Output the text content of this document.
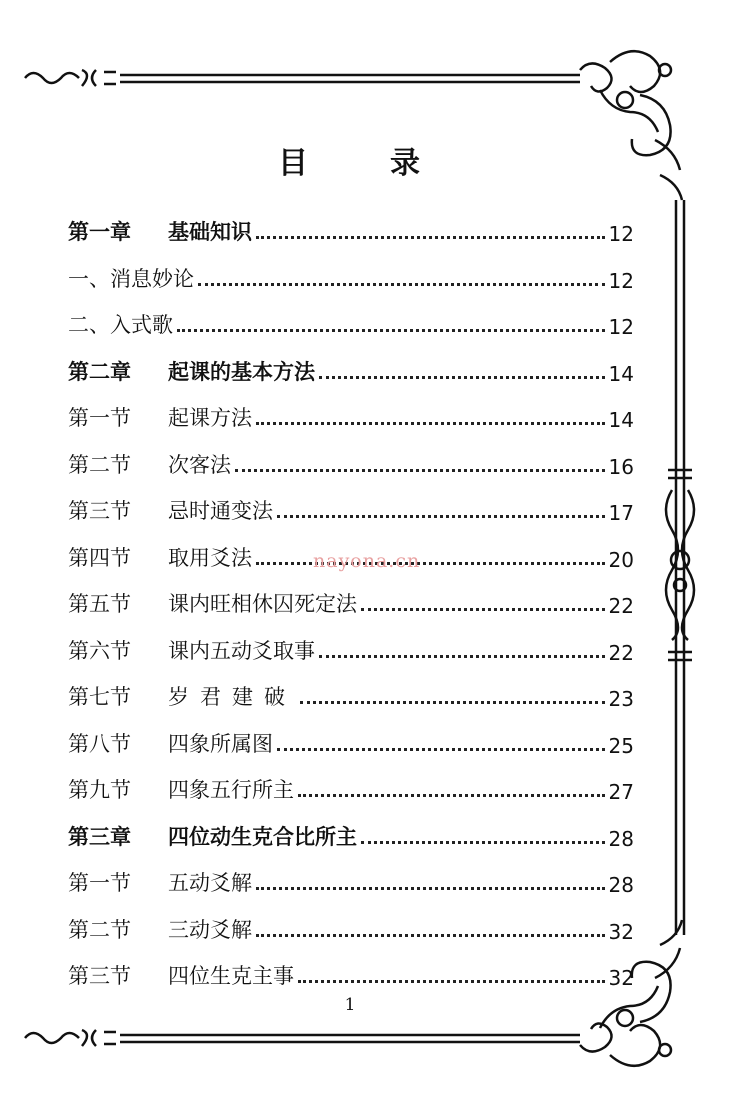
目	录
第一章 基础知识	12
一、消息妙论	12
二、入式歌	12
第二章 起课的基本方法	14
第一节 起课方法	14
第二节 次客法	16
第三节 忌时通变法	17
第四节 取用爻法	20
第五节 课内旺相休囚死定法	22
第六节 课内五动爻取事	22
第七节 岁君建破	23
第八节 四象所属图	25
第九节 四象五行所主	27
第三章 四位动生克合比所主	28
第一节 五动爻解	28
第二节 三动爻解	32
第三节 四位生克主事	32
nayona.cn
1
